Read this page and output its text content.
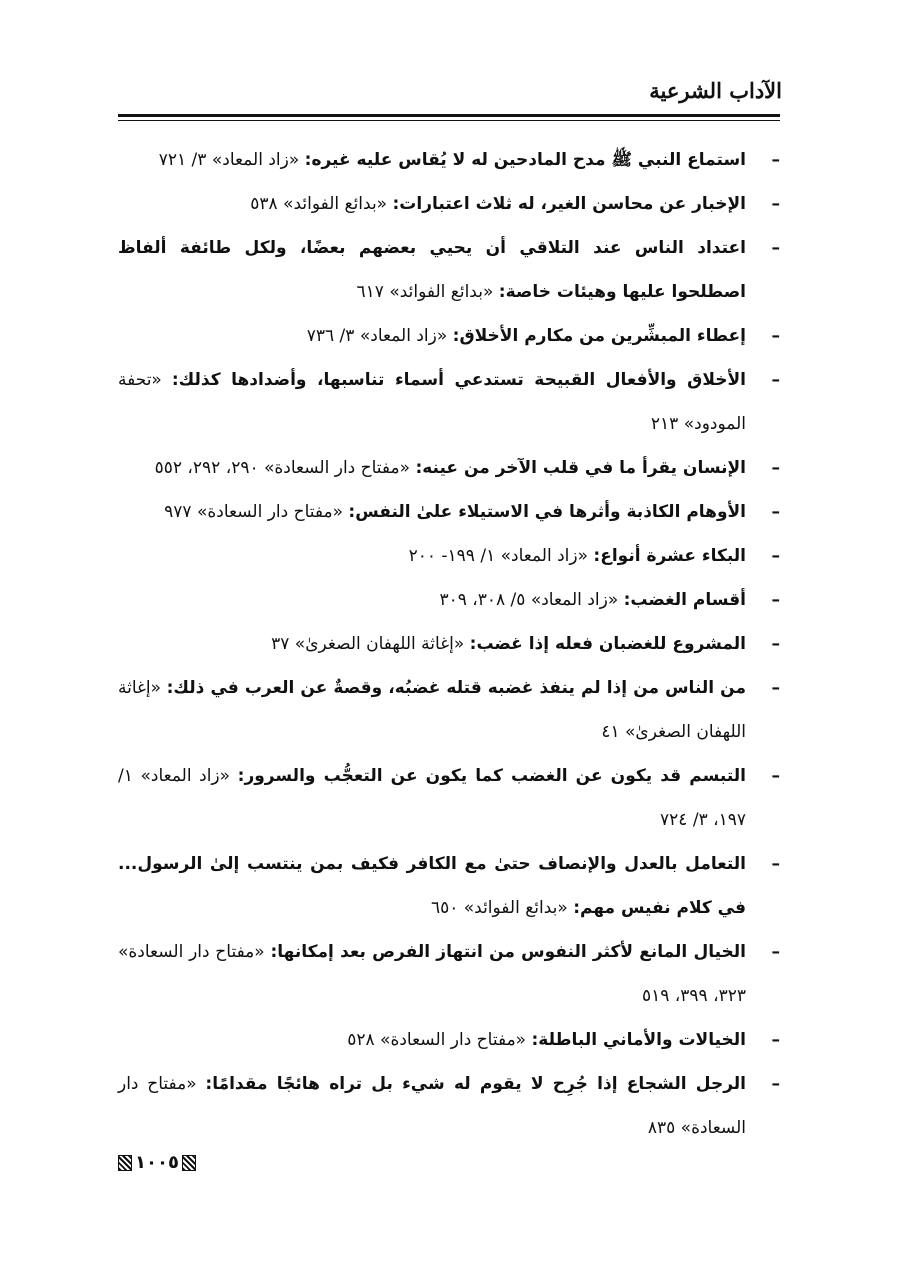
الآداب الشرعية
–
استماع النبي ﷺ مدح المادحين له لا يُقاس عليه غيره: «زاد المعاد» ٣/ ٧٢١
–
الإخبار عن محاسن الغير، له ثلاث اعتبارات: «بدائع الفوائد» ٥٣٨
–
اعتداد الناس عند التلاقي أن يحيي بعضهم بعضًا، ولكل طائفة ألفاظ اصطلحوا عليها وهيئات خاصة: «بدائع الفوائد» ٦١٧
–
إعطاء المبشِّرين من مكارم الأخلاق: «زاد المعاد» ٣/ ٧٣٦
–
الأخلاق والأفعال القبيحة تستدعي أسماء تناسبها، وأضدادها كذلك: «تحفة المودود» ٢١٣
–
الإنسان يقرأ ما في قلب الآخر من عينه: «مفتاح دار السعادة» ٢٩٠، ٢٩٢، ٥٥٢
–
الأوهام الكاذبة وأثرها في الاستيلاء علىٰ النفس: «مفتاح دار السعادة» ٩٧٧
–
البكاء عشرة أنواع: «زاد المعاد» ١/ ١٩٩- ٢٠٠
–
أقسام الغضب: «زاد المعاد» ٥/ ٣٠٨، ٣٠٩
–
المشروع للغضبان فعله إذا غضب: «إغاثة اللهفان الصغرىٰ» ٣٧
–
من الناس من إذا لم ينفذ غضبه قتله غضبُه، وقصةٌ عن العرب في ذلك: «إغاثة اللهفان الصغرىٰ» ٤١
–
التبسم قد يكون عن الغضب كما يكون عن التعجُّب والسرور: «زاد المعاد» ١/ ١٩٧، ٣/ ٧٢٤
–
التعامل بالعدل والإنصاف حتىٰ مع الكافر فكيف بمن ينتسب إلىٰ الرسول... في كلام نفيس مهم: «بدائع الفوائد» ٦٥٠
–
الخيال المانع لأكثر النفوس من انتهاز الفرص بعد إمكانها: «مفتاح دار السعادة» ٣٢٣، ٣٩٩، ٥١٩
–
الخيالات والأماني الباطلة: «مفتاح دار السعادة» ٥٢٨
–
الرجل الشجاع إذا جُرِح لا يقوم له شيء بل تراه هائجًا مقدامًا: «مفتاح دار السعادة» ٨٣٥
١٠٠٥
